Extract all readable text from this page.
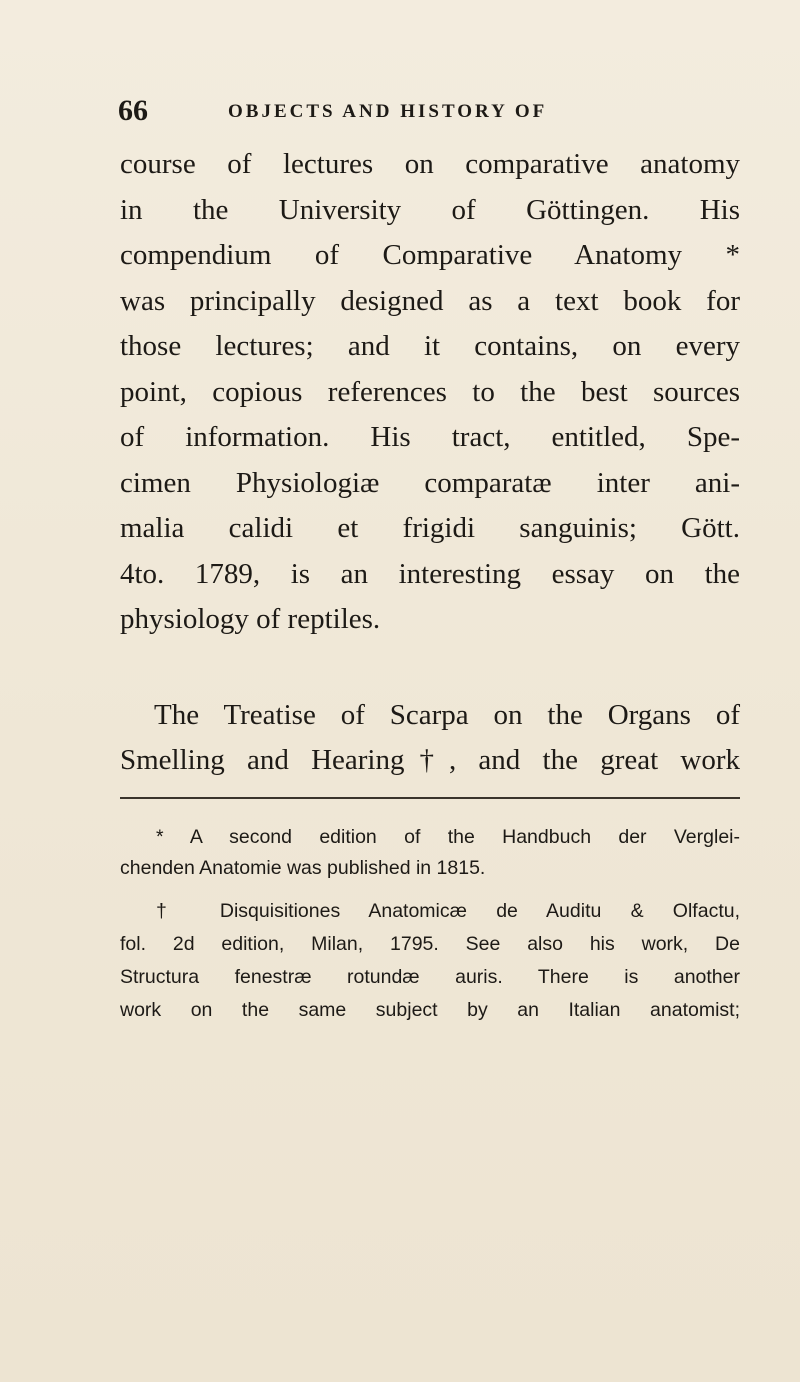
66	OBJECTS AND HISTORY OF
course of lectures on comparative anatomy
in the University of Göttingen. His
compendium of Comparative Anatomy *
was principally designed as a text book for
those lectures; and it contains, on every
point, copious references to the best sources
of information. His tract, entitled, Spe-
cimen Physiologiæ comparatæ inter ani-
malia calidi et frigidi sanguinis; Gött.
4to. 1789, is an interesting essay on the
physiology of reptiles.
The Treatise of Scarpa on the Organs of
Smelling and Hearing†, and the great work
* A second edition of the Handbuch der Verglei-
chenden Anatomie was published in 1815.
† Disquisitiones Anatomicæ de Auditu & Olfactu,
fol. 2d edition, Milan, 1795. See also his work, De
Structura fenestræ rotundæ auris. There is another
work on the same subject by an Italian anatomist;
